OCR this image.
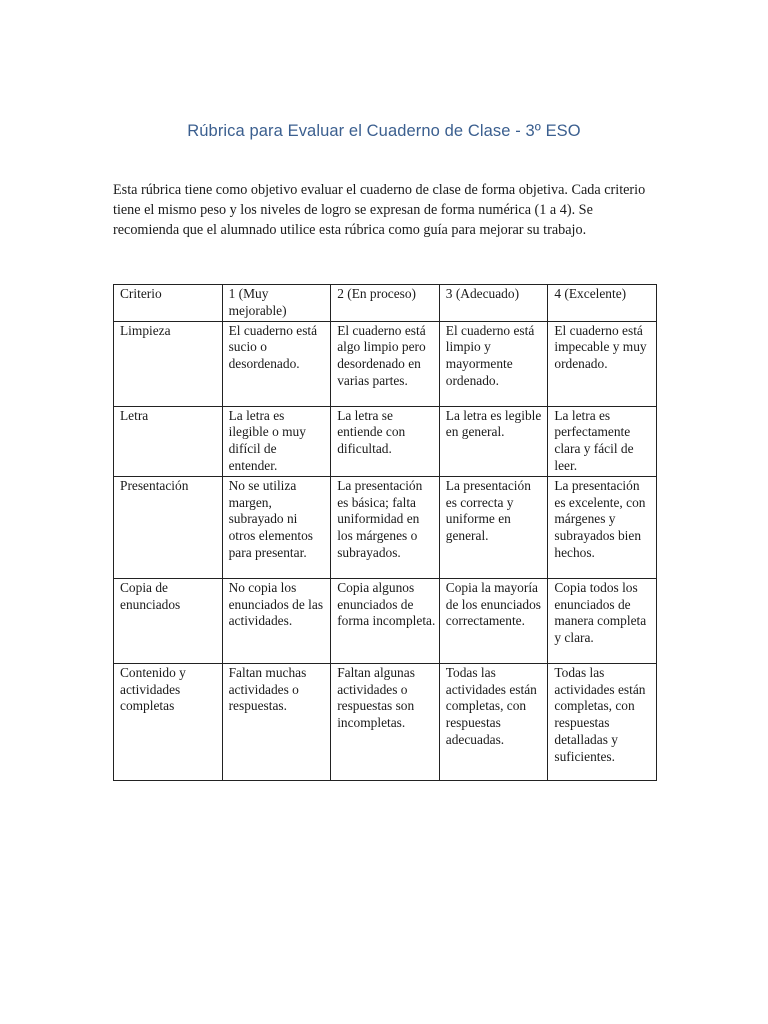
Rúbrica para Evaluar el Cuaderno de Clase - 3º ESO

Esta rúbrica tiene como objetivo evaluar el cuaderno de clase de forma objetiva. Cada criterio tiene el mismo peso y los niveles de logro se expresan de forma numérica (1 a 4). Se recomienda que el alumnado utilice esta rúbrica como guía para mejorar su trabajo.

Criterio	1 (Muy mejorable)	2 (En proceso)	3 (Adecuado)	4 (Excelente)
Limpieza	El cuaderno está sucio o desordenado.	El cuaderno está algo limpio pero desordenado en varias partes.	El cuaderno está limpio y mayormente ordenado.	El cuaderno está impecable y muy ordenado.
Letra	La letra es ilegible o muy difícil de entender.	La letra se entiende con dificultad.	La letra es legible en general.	La letra es perfectamente clara y fácil de leer.
Presentación	No se utiliza margen, subrayado ni otros elementos para presentar.	La presentación es básica; falta uniformidad en los márgenes o subrayados.	La presentación es correcta y uniforme en general.	La presentación es excelente, con márgenes y subrayados bien hechos.
Copia de enunciados	No copia los enunciados de las actividades.	Copia algunos enunciados de forma incompleta.	Copia la mayoría de los enunciados correctamente.	Copia todos los enunciados de manera completa y clara.
Contenido y actividades completas	Faltan muchas actividades o respuestas.	Faltan algunas actividades o respuestas son incompletas.	Todas las actividades están completas, con respuestas adecuadas.	Todas las actividades están completas, con respuestas detalladas y suficientes.
